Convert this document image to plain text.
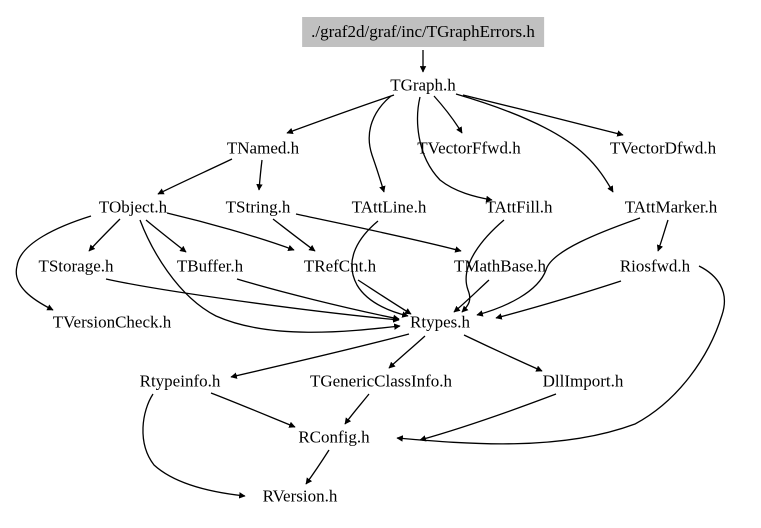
./graf2d/graf/inc/TGraphErrors.h
TGraph.h
TNamed.h	TVectorFfwd.h	TVectorDfwd.h
TObject.h	TString.h	TAttLine.h	TAttFill.h	TAttMarker.h
TStorage.h	TBuffer.h	TRefCnt.h	TMathBase.h	Riosfwd.h
TVersionCheck.h	Rtypes.h
Rtypeinfo.h	TGenericClassInfo.h	DllImport.h
RConfig.h
RVersion.h
